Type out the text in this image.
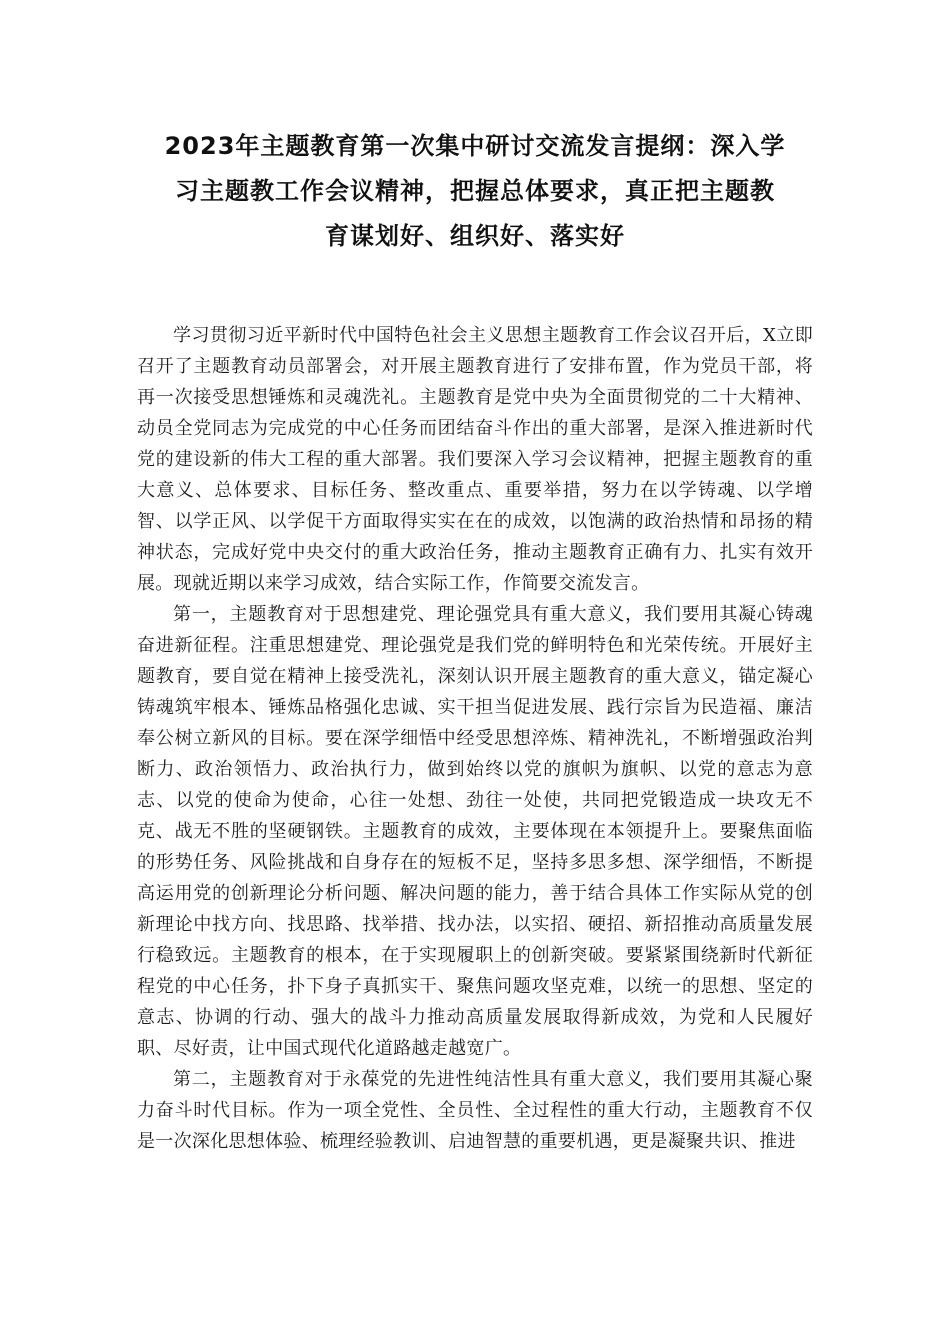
2023年主题教育第一次集中研讨交流发言提纲：深入学
习主题教工作会议精神，把握总体要求，真正把主题教
育谋划好、组织好、落实好

学习贯彻习近平新时代中国特色社会主义思想主题教育工作会议召开后，X立即召开了主题教育动员部署会，对开展主题教育进行了安排布置，作为党员干部，将再一次接受思想锤炼和灵魂洗礼。主题教育是党中央为全面贯彻党的二十大精神、动员全党同志为完成党的中心任务而团结奋斗作出的重大部署，是深入推进新时代党的建设新的伟大工程的重大部署。我们要深入学习会议精神，把握主题教育的重大意义、总体要求、目标任务、整改重点、重要举措，努力在以学铸魂、以学增智、以学正风、以学促干方面取得实实在在的成效，以饱满的政治热情和昂扬的精神状态，完成好党中央交付的重大政治任务，推动主题教育正确有力、扎实有效开展。现就近期以来学习成效，结合实际工作，作简要交流发言。

第一，主题教育对于思想建党、理论强党具有重大意义，我们要用其凝心铸魂奋进新征程。注重思想建党、理论强党是我们党的鲜明特色和光荣传统。开展好主题教育，要自觉在精神上接受洗礼，深刻认识开展主题教育的重大意义，锚定凝心铸魂筑牢根本、锤炼品格强化忠诚、实干担当促进发展、践行宗旨为民造福、廉洁奉公树立新风的目标。要在深学细悟中经受思想淬炼、精神洗礼，不断增强政治判断力、政治领悟力、政治执行力，做到始终以党的旗帜为旗帜、以党的意志为意志、以党的使命为使命，心往一处想、劲往一处使，共同把党锻造成一块攻无不克、战无不胜的坚硬钢铁。主题教育的成效，主要体现在本领提升上。要聚焦面临的形势任务、风险挑战和自身存在的短板不足，坚持多思多想、深学细悟，不断提高运用党的创新理论分析问题、解决问题的能力，善于结合具体工作实际从党的创新理论中找方向、找思路、找举措、找办法，以实招、硬招、新招推动高质量发展行稳致远。主题教育的根本，在于实现履职上的创新突破。要紧紧围绕新时代新征程党的中心任务，扑下身子真抓实干、聚焦问题攻坚克难，以统一的思想、坚定的意志、协调的行动、强大的战斗力推动高质量发展取得新成效，为党和人民履好职、尽好责，让中国式现代化道路越走越宽广。

第二，主题教育对于永葆党的先进性纯洁性具有重大意义，我们要用其凝心聚力奋斗时代目标。作为一项全党性、全员性、全过程性的重大行动，主题教育不仅是一次深化思想体验、梳理经验教训、启迪智慧的重要机遇，更是凝聚共识、推进
